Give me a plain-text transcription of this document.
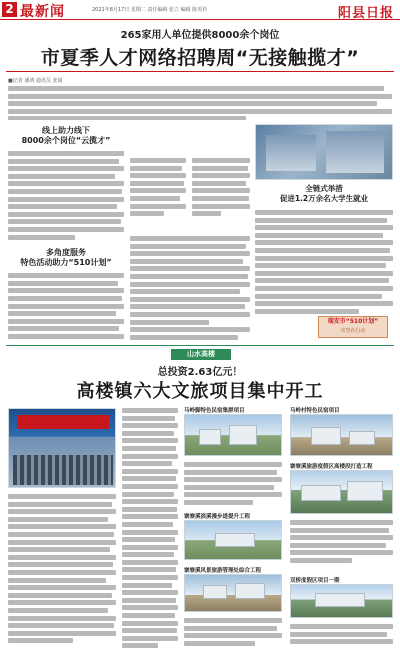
2 最新闻	2021年8月17日 星期二 责任编辑 张立 编辑 陈英杉	阳县日报
265家用人单位提供8000余个岗位
市夏季人才网络招聘周“无接触揽才”
■记者 潘鸿 通讯员 张闻
线上助力线下
8000余个岗位“云揽才”
多角度服务
特色活动助力“510计划”
全链式举措
促进1.2万余名大学生就业
瑞安市“510计划”
攻坚在行动
山水高楼
总投资2.63亿元！
高楼镇六大文旅项目集中开工
马岭脚特色民宿集群项目	马岭村特色民宿项目
寨寮溪旅游度假区高楼段打造工程
寨寮溪滨溪漫步道提升工程
寨寮溪风景旅游管理处综合工程
双桥度假区项目一期
